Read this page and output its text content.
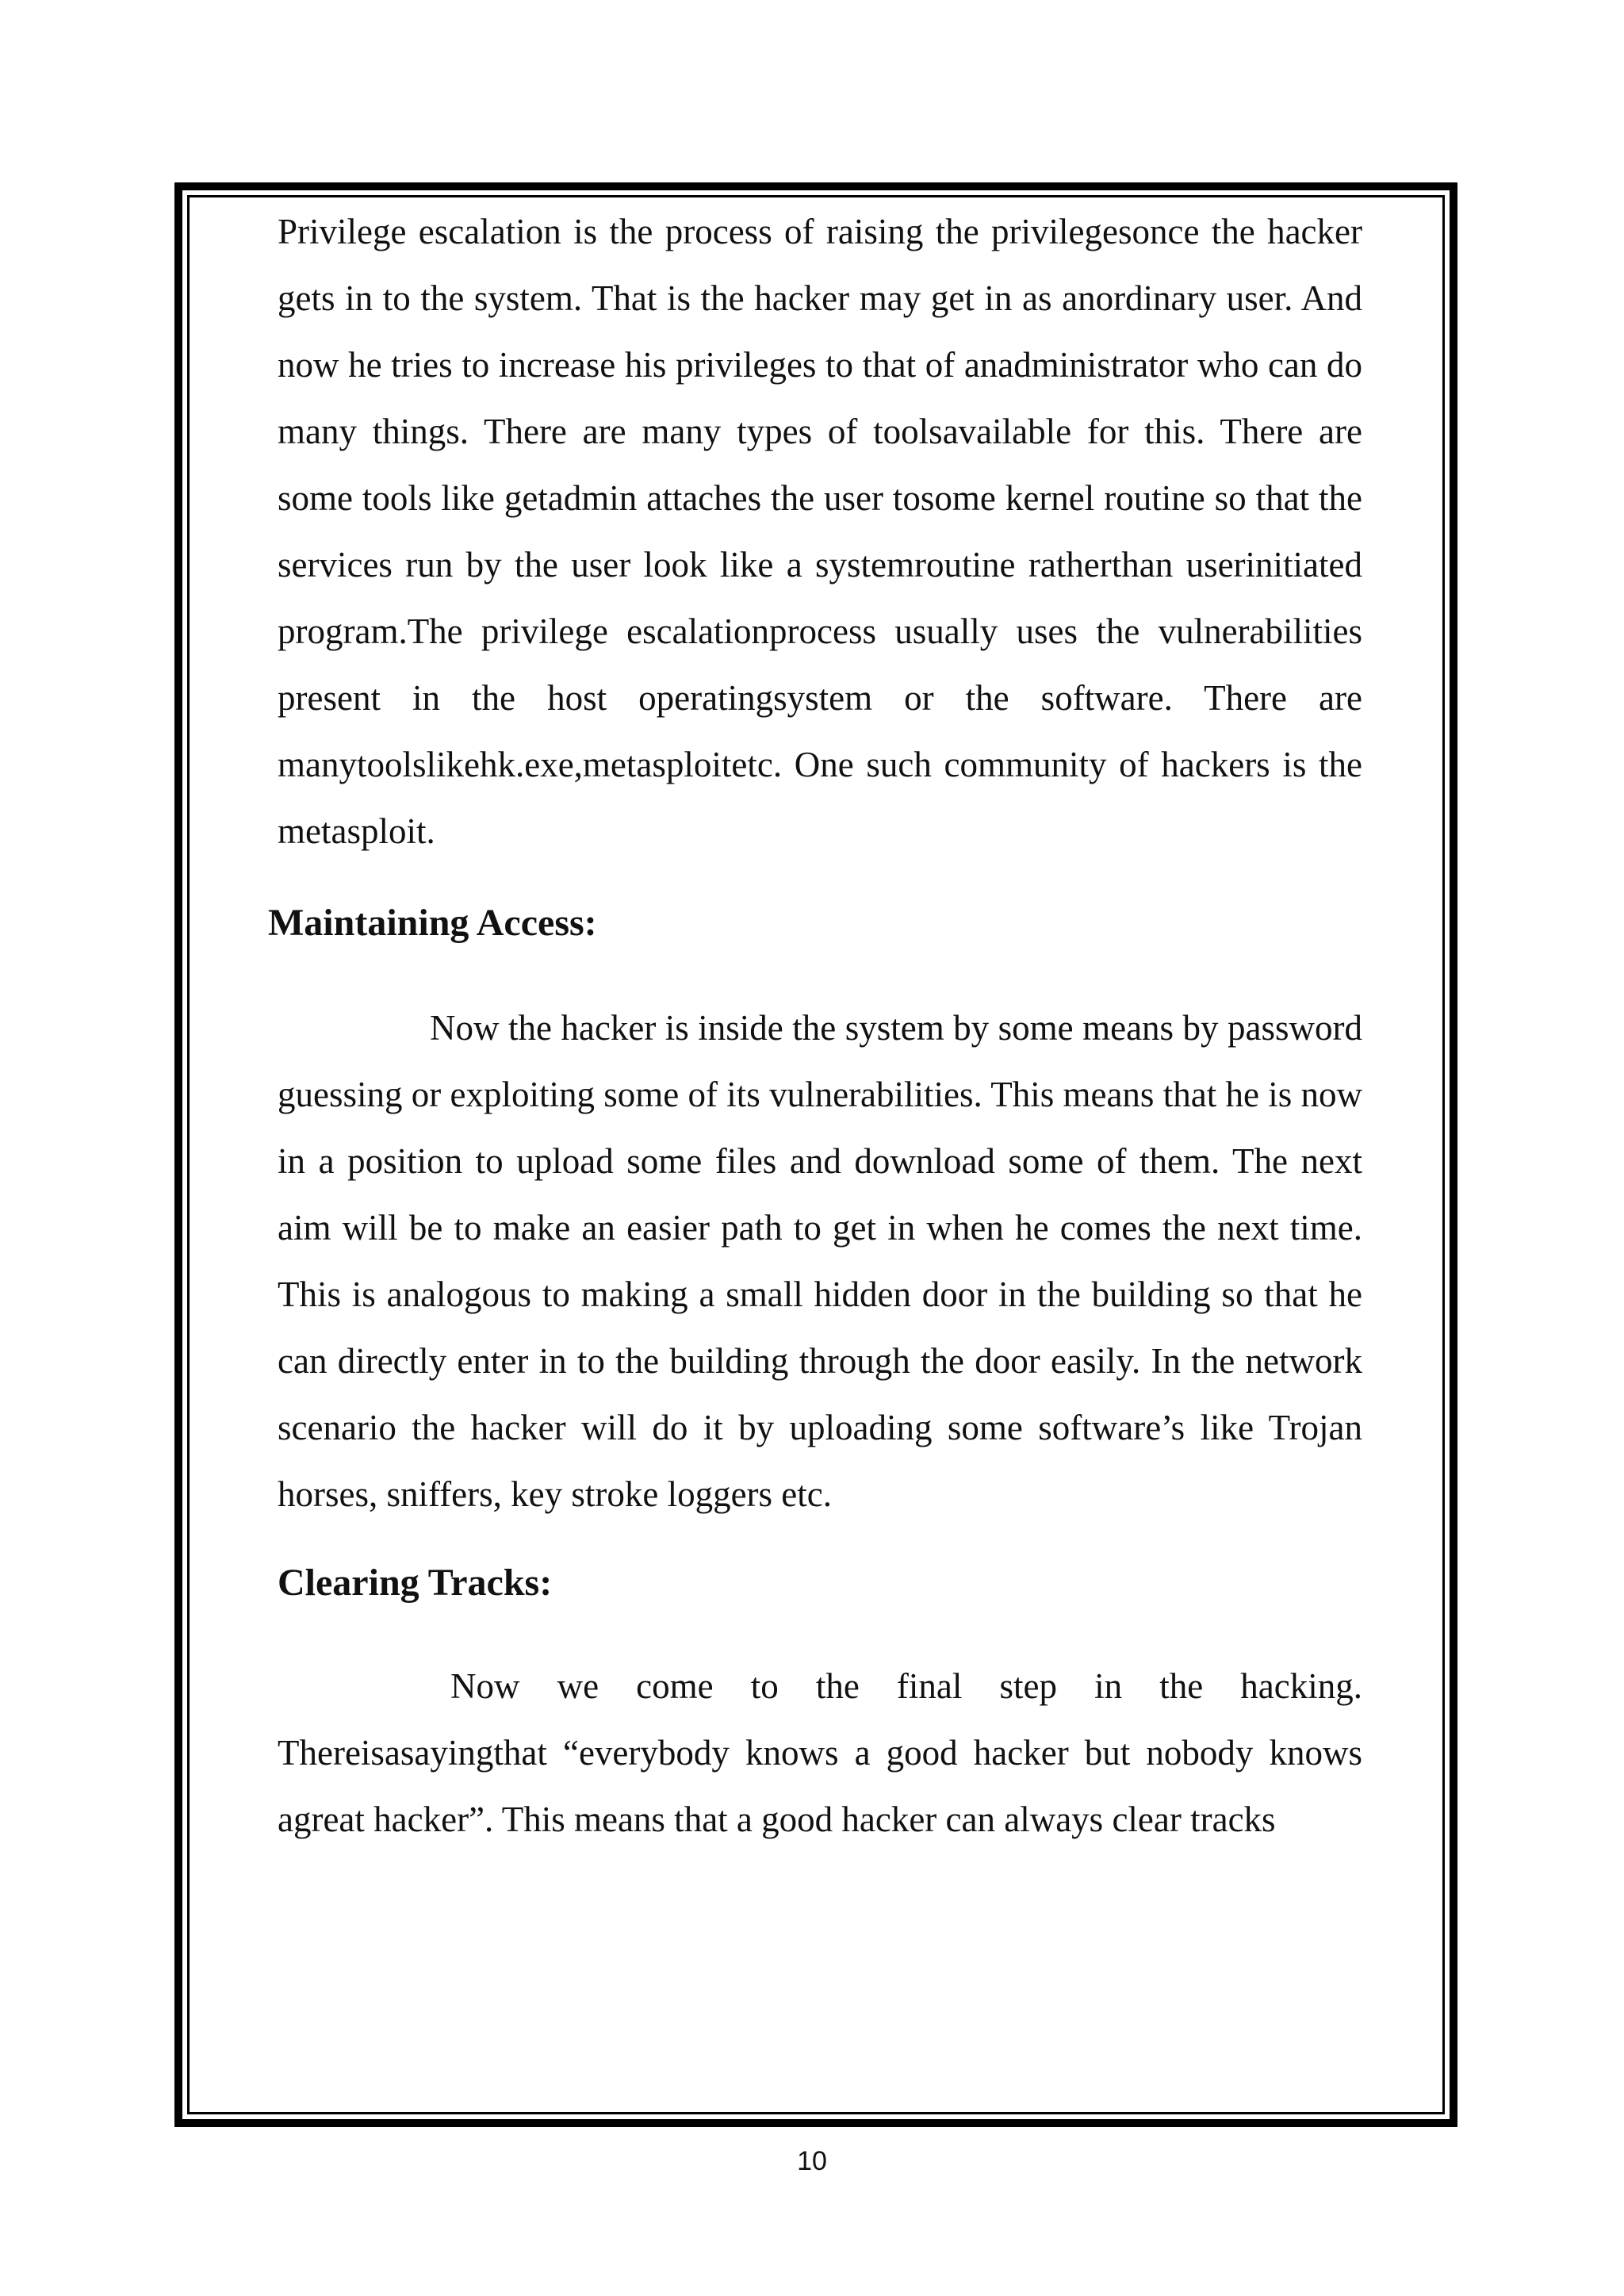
Privilege escalation is the process of raising the privilegesonce the hacker gets in to the system. That is the hacker may get in as anordinary user. And now he tries to increase his privileges to that of anadministrator who can do many things. There are many types of toolsavailable for this. There are some tools like getadmin attaches the user tosome kernel routine so that the services run by the user look like a systemroutine ratherthan userinitiated program.The privilege escalationprocess usually uses the vulnerabilities present in the host operatingsystem or the software. There are manytoolslikehk.exe,metasploitetc. One such community of hackers is the metasploit.

Maintaining Access:

Now the hacker is inside the system by some means by password guessing or exploiting some of its vulnerabilities. This means that he is now in a position to upload some files and download some of them. The next aim will be to make an easier path to get in when he comes the next time. This is analogous to making a small hidden door in the building so that he can directly enter in to the building through the door easily. In the network scenario the hacker will do it by uploading some software’s like Trojan horses, sniffers, key stroke loggers etc.

Clearing Tracks:

Now we come to the final step in the hacking. Thereisasayingthat “everybody knows a good hacker but nobody knows agreat hacker”. This means that a good hacker can always clear tracks

10
